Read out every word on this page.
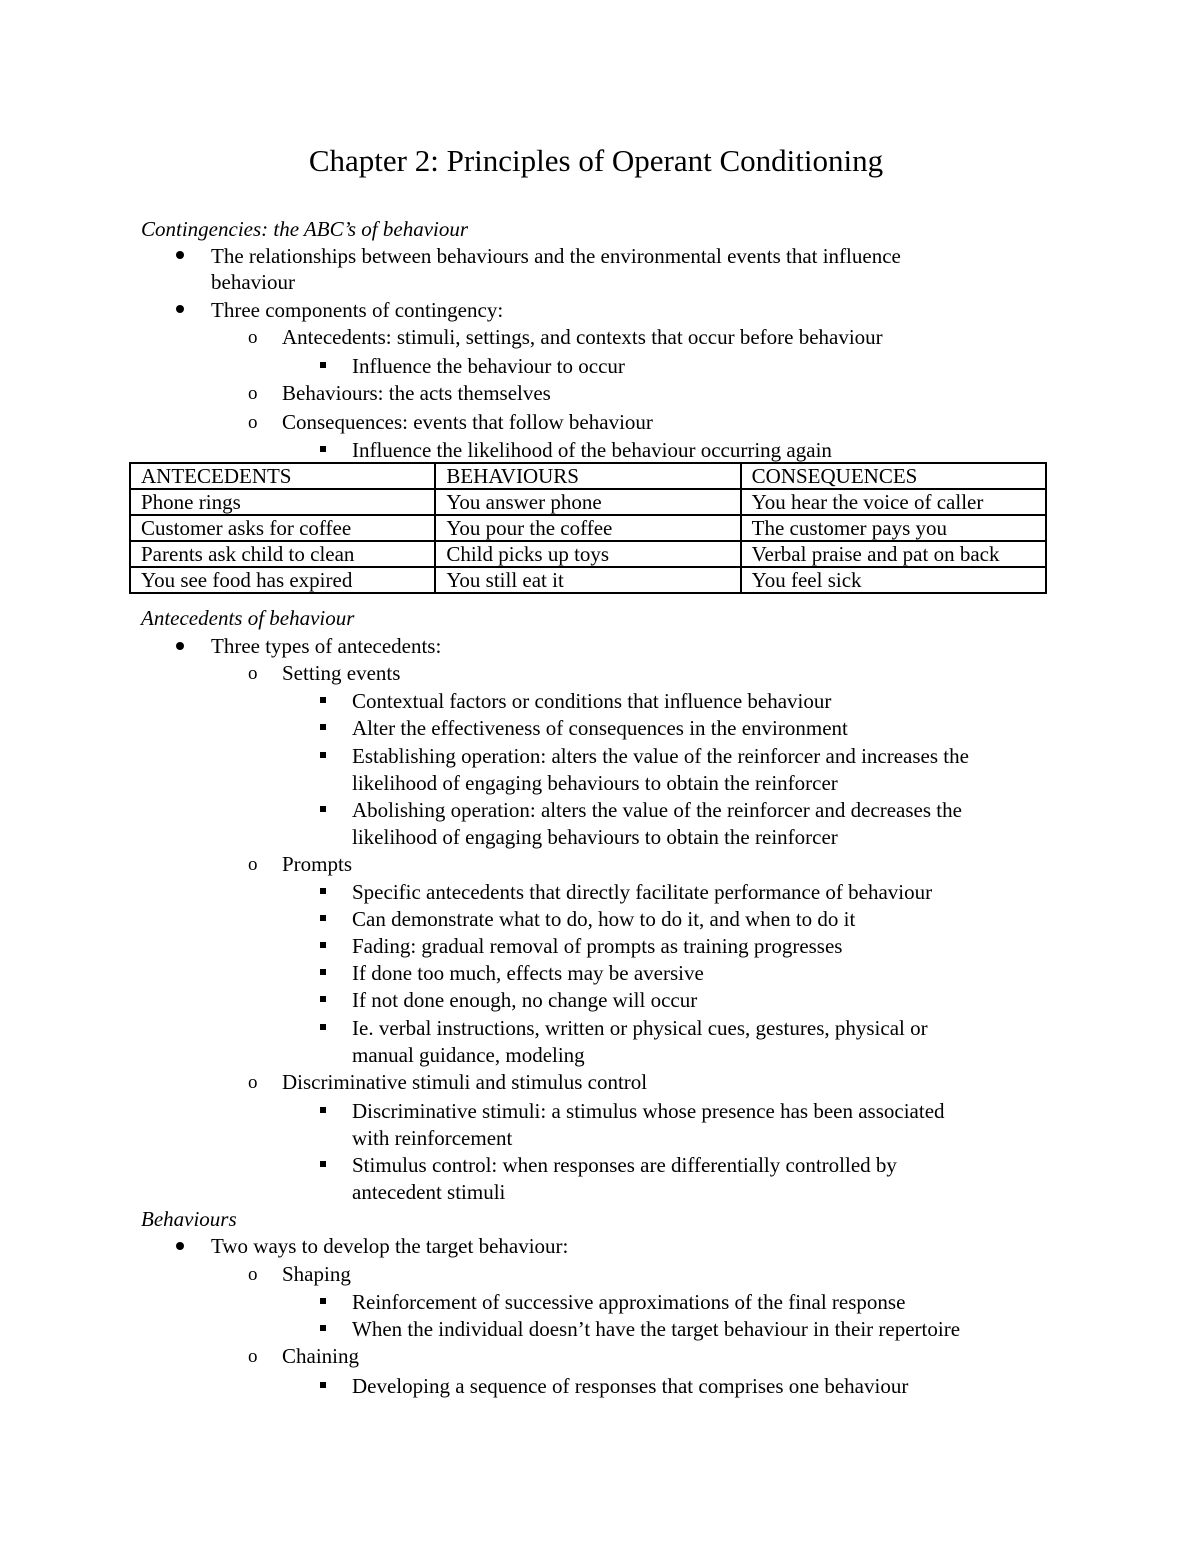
Chapter 2: Principles of Operant Conditioning
Contingencies: the ABC’s of behaviour
The relationships between behaviours and the environmental events that influence
behaviour
Three components of contingency:
o Antecedents: stimuli, settings, and contexts that occur before behaviour
Influence the behaviour to occur
o Behaviours: the acts themselves
o Consequences: events that follow behaviour
Influence the likelihood of the behaviour occurring again
ANTECEDENTS	BEHAVIOURS	CONSEQUENCES
Phone rings	You answer phone	You hear the voice of caller
Customer asks for coffee	You pour the coffee	The customer pays you
Parents ask child to clean	Child picks up toys	Verbal praise and pat on back
You see food has expired	You still eat it	You feel sick
Antecedents of behaviour
Three types of antecedents:
o Setting events
Contextual factors or conditions that influence behaviour
Alter the effectiveness of consequences in the environment
Establishing operation: alters the value of the reinforcer and increases the
likelihood of engaging behaviours to obtain the reinforcer
Abolishing operation: alters the value of the reinforcer and decreases the
likelihood of engaging behaviours to obtain the reinforcer
o Prompts
Specific antecedents that directly facilitate performance of behaviour
Can demonstrate what to do, how to do it, and when to do it
Fading: gradual removal of prompts as training progresses
If done too much, effects may be aversive
If not done enough, no change will occur
Ie. verbal instructions, written or physical cues, gestures, physical or
manual guidance, modeling
o Discriminative stimuli and stimulus control
Discriminative stimuli: a stimulus whose presence has been associated
with reinforcement
Stimulus control: when responses are differentially controlled by
antecedent stimuli
Behaviours
Two ways to develop the target behaviour:
o Shaping
Reinforcement of successive approximations of the final response
When the individual doesn’t have the target behaviour in their repertoire
o Chaining
Developing a sequence of responses that comprises one behaviour
